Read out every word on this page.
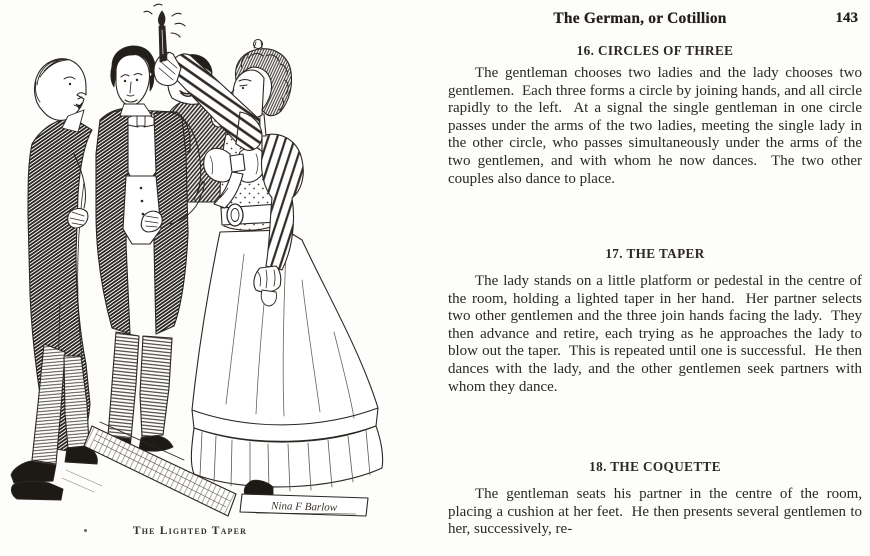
Nina F Barlow
The Lighted Taper
The German, or Cotillion	143
16. CIRCLES OF THREE
The gentleman chooses two ladies and the lady chooses two gentlemen.  Each three forms a circle by joining hands, and all circle rapidly to the left.  At a signal the single gentleman in one circle passes under the arms of the two ladies, meeting the single lady in the other circle, who passes simultaneously under the arms of the two gentlemen, and with whom he now dances.  The two other couples also dance to place.
17. THE TAPER
The lady stands on a little platform or pedestal in the centre of the room, holding a lighted taper in her hand.  Her partner selects two other gentlemen and the three join hands facing the lady.  They then advance and retire, each trying as he approaches the lady to blow out the taper.  This is repeated until one is successful.  He then dances with the lady, and the other gentlemen seek partners with whom they dance.
18. THE COQUETTE
The gentleman seats his partner in the centre of the room, placing a cushion at her feet.  He then presents several gentlemen to her, successively, re-
